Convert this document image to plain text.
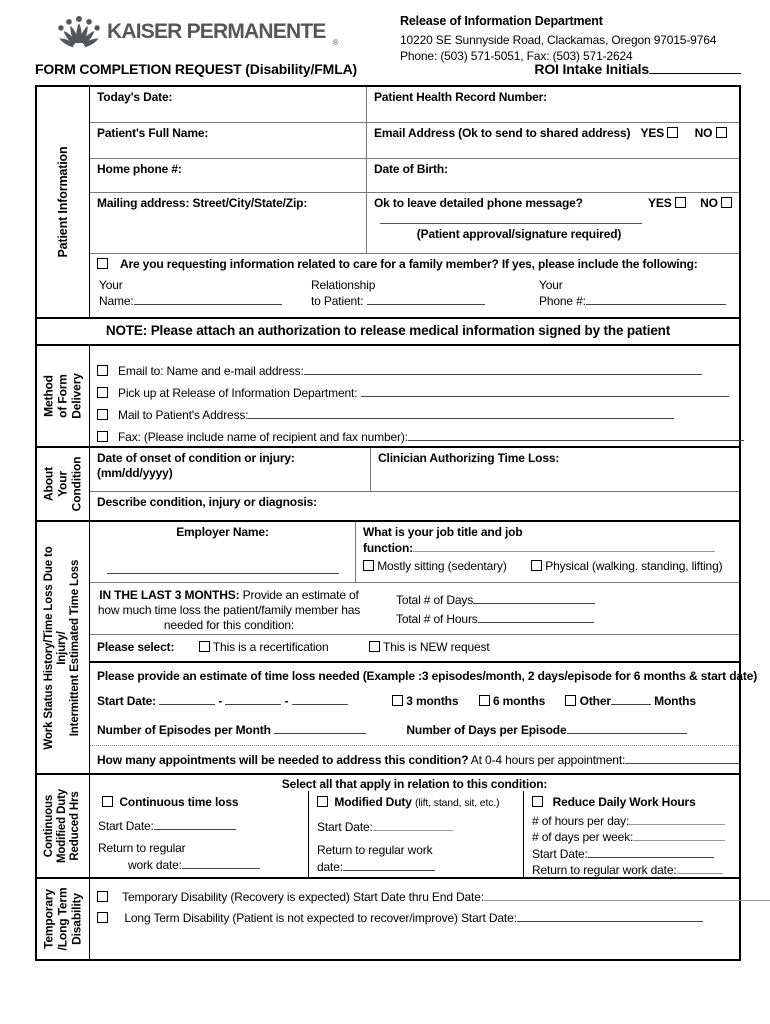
KAISER PERMANENTE ®
Release of Information Department
10220 SE Sunnyside Road, Clackamas, Oregon 97015-9764
Phone: (503) 571-5051, Fax: (503) 571-2624
FORM COMPLETION REQUEST (Disability/FMLA)	ROI Intake Initials
Patient Information
Today's Date:	Patient Health Record Number:
Patient's Full Name:	Email Address (Ok to send to shared address) YES	NO
Home phone #:	Date of Birth:
Mailing address: Street/City/State/Zip:	Ok to leave detailed phone message?	YES NO
(Patient approval/signature required)
Are you requesting information related to care for a family member? If yes, please include the following:
Your
Name:
Relationship
to Patient:
Your
Phone #:
NOTE: Please attach an authorization to release medical information signed by the patient
Method of Form Delivery
Email to: Name and e-mail address:
Pick up at Release of Information Department:
Mail to Patient's Address:
Fax: (Please include name of recipient and fax number):
About Your Condition	Date of onset of condition or injury: (mm/dd/yyyy)
Clinician Authorizing Time Loss:
Describe condition, injury or diagnosis:
Work Status History/Time Loss Due to Injury/ Intermittent Estimated Time Loss
Employer Name:	What is your job title and job
function:
Mostly sitting (sedentary)	Physical (walking. standing, lifting)
IN THE LAST 3 MONTHS: Provide an estimate of how much time loss the patient/family member has needed for this condition:
Total # of Days
Total # of Hours
Please select:	This is a recertification	This is NEW request
Please provide an estimate of time loss needed (Example :3 episodes/month, 2 days/episode for 6 months & start date)
Start Date:	-	-	3 months	6 months	Other	Months
Number of Episodes per Month	Number of Days per Episode
How many appointments will be needed to address this condition? At 0-4 hours per appointment:
Continuous Modified Duty Reduced Hrs
Select all that apply in relation to this condition:
Continuous time loss
Start Date:
Return to regular
work date:
Modified Duty (lift, stand, sit, etc.)
Start Date:
Return to regular work
date:
Reduce Daily Work Hours
# of hours per day:
# of days per week:
Start Date:
Return to regular work date:
Temporary /Long Term Disability	Temporary Disability (Recovery is expected) Start Date thru End Date:
Long Term Disability (Patient is not expected to recover/improve) Start Date:
